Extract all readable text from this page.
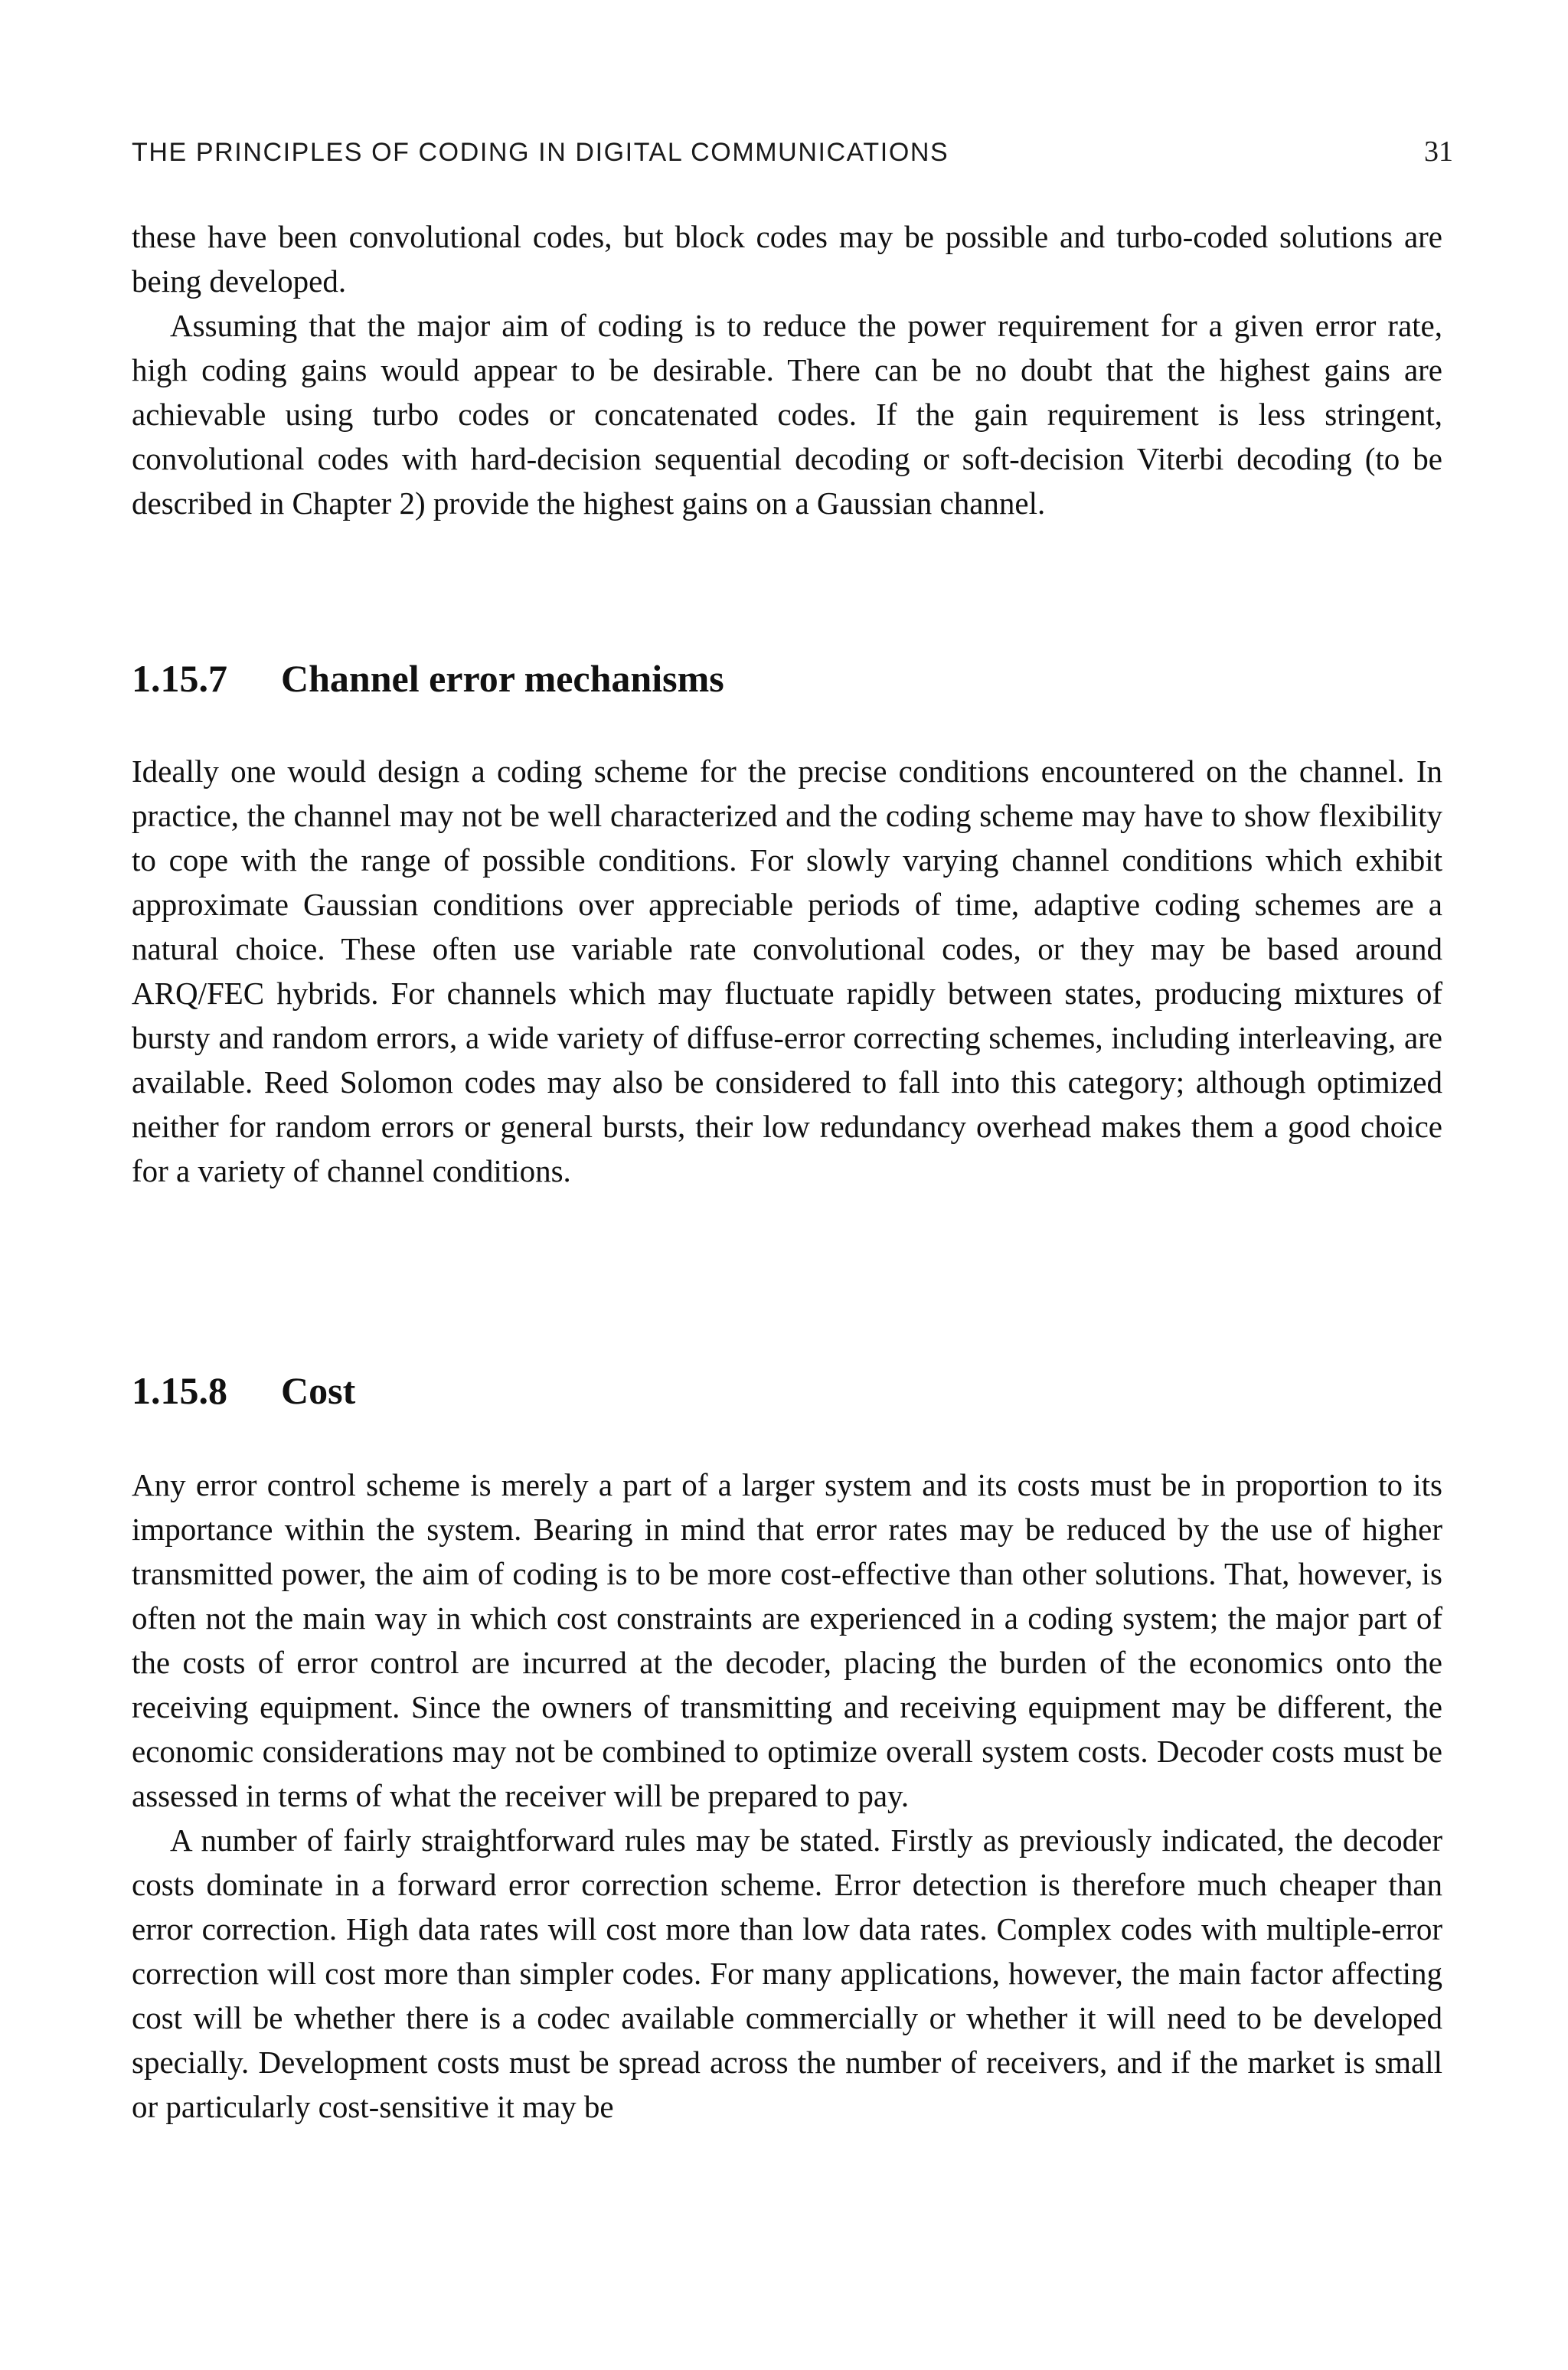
THE PRINCIPLES OF CODING IN DIGITAL COMMUNICATIONS	31

these have been convolutional codes, but block codes may be possible and turbo-coded solutions are being developed.

Assuming that the major aim of coding is to reduce the power requirement for a given error rate, high coding gains would appear to be desirable. There can be no doubt that the highest gains are achievable using turbo codes or concatenated codes. If the gain requirement is less stringent, convolutional codes with hard-decision sequential decoding or soft-decision Viterbi decoding (to be described in Chapter 2) provide the highest gains on a Gaussian channel.

1.15.7	Channel error mechanisms

Ideally one would design a coding scheme for the precise conditions encountered on the channel. In practice, the channel may not be well characterized and the coding scheme may have to show flexibility to cope with the range of possible conditions. For slowly varying channel conditions which exhibit approximate Gaussian conditions over appreciable periods of time, adaptive coding schemes are a natural choice. These often use variable rate convolutional codes, or they may be based around ARQ/FEC hybrids. For channels which may fluctuate rapidly between states, producing mixtures of bursty and random errors, a wide variety of diffuse-error correcting schemes, including interleaving, are available. Reed Solomon codes may also be considered to fall into this category; although optimized neither for random errors or general bursts, their low redundancy overhead makes them a good choice for a variety of channel conditions.

1.15.8	Cost

Any error control scheme is merely a part of a larger system and its costs must be in proportion to its importance within the system. Bearing in mind that error rates may be reduced by the use of higher transmitted power, the aim of coding is to be more cost-effective than other solutions. That, however, is often not the main way in which cost constraints are experienced in a coding system; the major part of the costs of error control are incurred at the decoder, placing the burden of the economics onto the receiving equipment. Since the owners of transmitting and receiving equipment may be different, the economic considerations may not be combined to optimize overall system costs. Decoder costs must be assessed in terms of what the receiver will be prepared to pay.

A number of fairly straightforward rules may be stated. Firstly as previously indicated, the decoder costs dominate in a forward error correction scheme. Error detection is therefore much cheaper than error correction. High data rates will cost more than low data rates. Complex codes with multiple-error correction will cost more than simpler codes. For many applications, however, the main factor affecting cost will be whether there is a codec available commercially or whether it will need to be developed specially. Development costs must be spread across the number of receivers, and if the market is small or particularly cost-sensitive it may be
